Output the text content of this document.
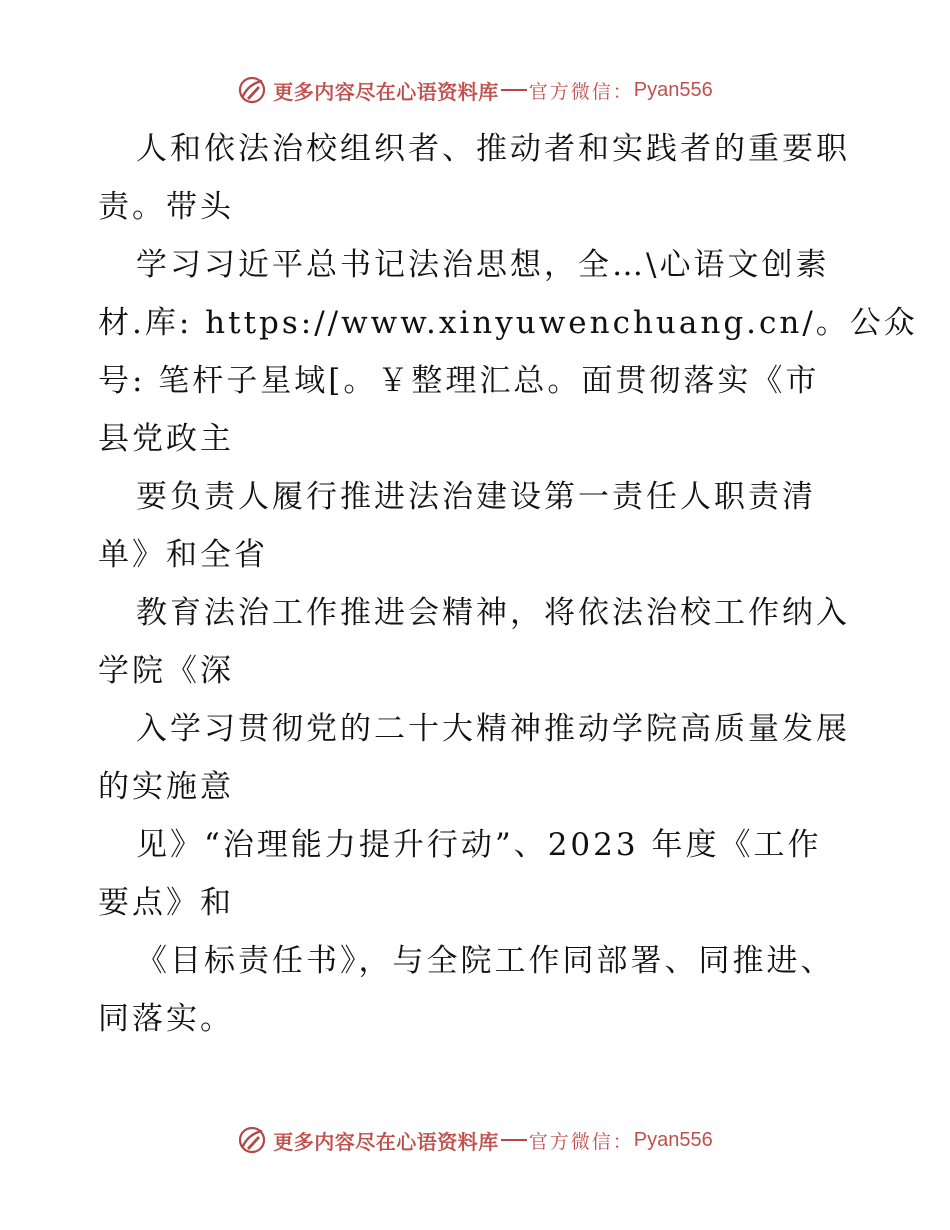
更多内容尽在心语资料库 官方微信： Pyan556
人和依法治校组织者、推动者和实践者的重要职
责。带头
学习习近平总书记法治思想，全…\心语文创素
材.库: https://www.xinyuwenchuang.cn/。公众
号: 笔杆子星域[。￥整理汇总。面贯彻落实《市
县党政主
要负责人履行推进法治建设第一责任人职责清
单》和全省
教育法治工作推进会精神，将依法治校工作纳入
学院《深
入学习贯彻党的二十大精神推动学院高质量发展
的实施意
见》“治理能力提升行动”、2023 年度《工作
要点》和
《目标责任书》，与全院工作同部署、同推进、
同落实。
更多内容尽在心语资料库 官方微信： Pyan556
